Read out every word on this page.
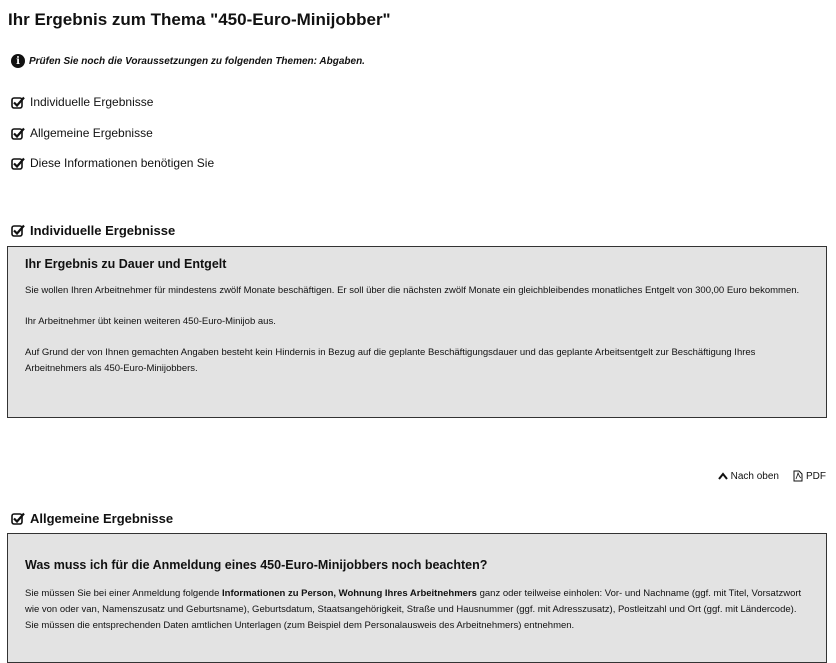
Ihr Ergebnis zum Thema "450-Euro-Minijobber"
i Prüfen Sie noch die Voraussetzungen zu folgenden Themen: Abgaben.
Individuelle Ergebnisse
Allgemeine Ergebnisse
Diese Informationen benötigen Sie
Individuelle Ergebnisse
Ihr Ergebnis zu Dauer und Entgelt

Sie wollen Ihren Arbeitnehmer für mindestens zwölf Monate beschäftigen. Er soll über die nächsten zwölf Monate ein gleichbleibendes monatliches Entgelt von 300,00 Euro bekommen.

Ihr Arbeitnehmer übt keinen weiteren 450-Euro-Minijob aus.

Auf Grund der von Ihnen gemachten Angaben besteht kein Hindernis in Bezug auf die geplante Beschäftigungsdauer und das geplante Arbeitsentgelt zur Beschäftigung Ihres Arbeitnehmers als 450-Euro-Minijobbers.

Nach oben	PDF
Allgemeine Ergebnisse
Was muss ich für die Anmeldung eines 450-Euro-Minijobbers noch beachten?

Sie müssen Sie bei einer Anmeldung folgende Informationen zu Person, Wohnung Ihres Arbeitnehmers ganz oder teilweise einholen: Vor- und Nachname (ggf. mit Titel, Vorsatzwort wie von oder van, Namenszusatz und Geburtsname), Geburtsdatum, Staatsangehörigkeit, Straße und Hausnummer (ggf. mit Adresszusatz), Postleitzahl und Ort (ggf. mit Ländercode). Sie müssen die entsprechenden Daten amtlichen Unterlagen (zum Beispiel dem Personalausweis des Arbeitnehmers) entnehmen.
